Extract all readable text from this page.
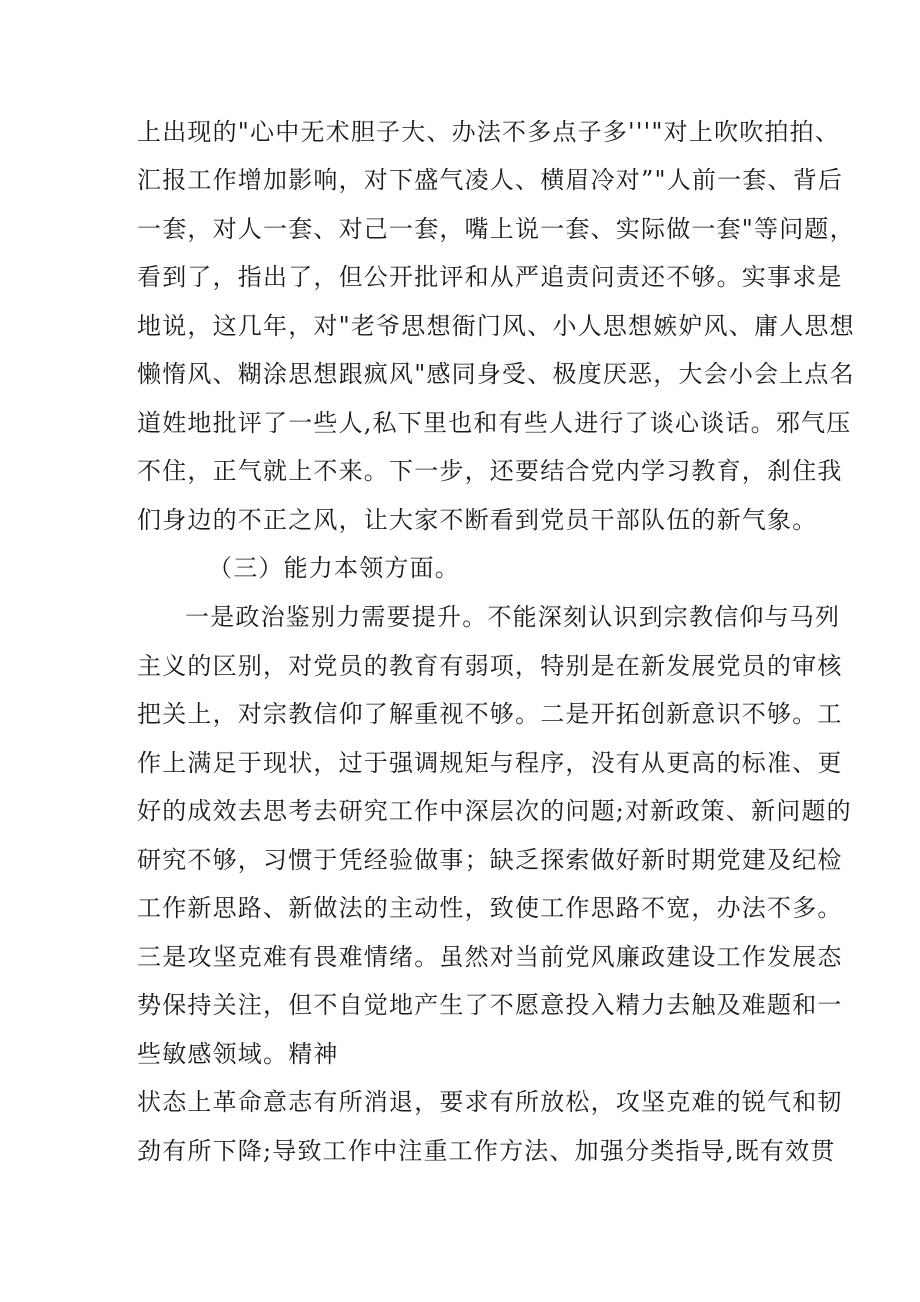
上出现的"心中无术胆子大、办法不多点子多'''"对上吹吹拍拍、
汇报工作增加影响，对下盛气凌人、横眉冷对”"人前一套、背后
一套，对人一套、对己一套，嘴上说一套、实际做一套"等问题，
看到了，指出了，但公开批评和从严追责问责还不够。实事求是
地说，这几年，对"老爷思想衙门风、小人思想嫉妒风、庸人思想
懒惰风、糊涂思想跟疯风"感同身受、极度厌恶，大会小会上点名
道姓地批评了一些人,私下里也和有些人进行了谈心谈话。邪气压
不住，正气就上不来。下一步，还要结合党内学习教育，刹住我
们身边的不正之风，让大家不断看到党员干部队伍的新气象。
（三）能力本领方面。
一是政治鉴别力需要提升。不能深刻认识到宗教信仰与马列
主义的区别，对党员的教育有弱项，特别是在新发展党员的审核
把关上，对宗教信仰了解重视不够。二是开拓创新意识不够。工
作上满足于现状，过于强调规矩与程序，没有从更高的标准、更
好的成效去思考去研究工作中深层次的问题;对新政策、新问题的
研究不够，习惯于凭经验做事；缺乏探索做好新时期党建及纪检
工作新思路、新做法的主动性，致使工作思路不宽，办法不多。
三是攻坚克难有畏难情绪。虽然对当前党风廉政建设工作发展态
势保持关注，但不自觉地产生了不愿意投入精力去触及难题和一
些敏感领域。精神
状态上革命意志有所消退，要求有所放松，攻坚克难的锐气和韧
劲有所下降;导致工作中注重工作方法、加强分类指导,既有效贯
